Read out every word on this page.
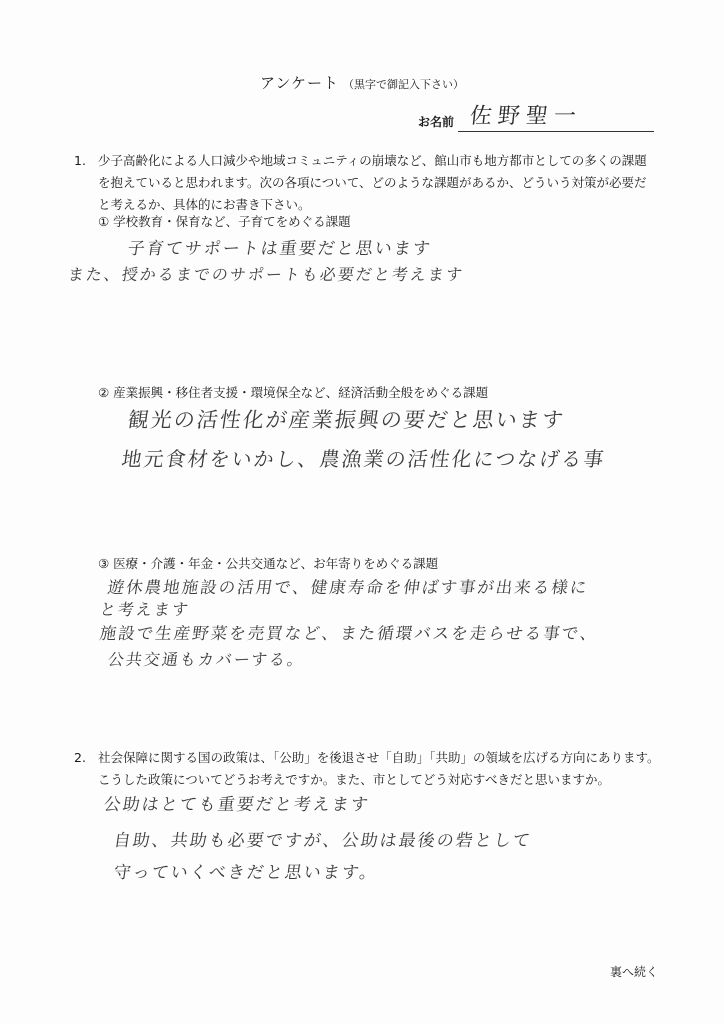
アンケート （黒字で御記入下さい）
お名前 佐野聖一
1. 少子高齢化による人口減少や地域コミュニティの崩壊など、館山市も地方都市としての多くの課題
を抱えていると思われます。次の各項について、どのような課題があるか、どういう対策が必要だ
と考えるか、具体的にお書き下さい。
① 学校教育・保育など、子育てをめぐる課題
子育てサポートは重要だと思います
また、授かるまでのサポートも必要だと考えます
② 産業振興・移住者支援・環境保全など、経済活動全般をめぐる課題
観光の活性化が産業振興の要だと思います
地元食材をいかし、農漁業の活性化につなげる事
③ 医療・介護・年金・公共交通など、お年寄りをめぐる課題
遊休農地施設の活用で、健康寿命を伸ばす事が出来る様に
と考えます
施設で生産野菜を売買など、また循環バスを走らせる事で、
公共交通もカバーする。
2. 社会保障に関する国の政策は、「公助」を後退させ「自助」「共助」の領域を広げる方向にあります。
こうした政策についてどうお考えですか。また、市としてどう対応すべきだと思いますか。
公助はとても重要だと考えます
自助、共助も必要ですが、公助は最後の砦として
守っていくべきだと思います。
裏へ続く
